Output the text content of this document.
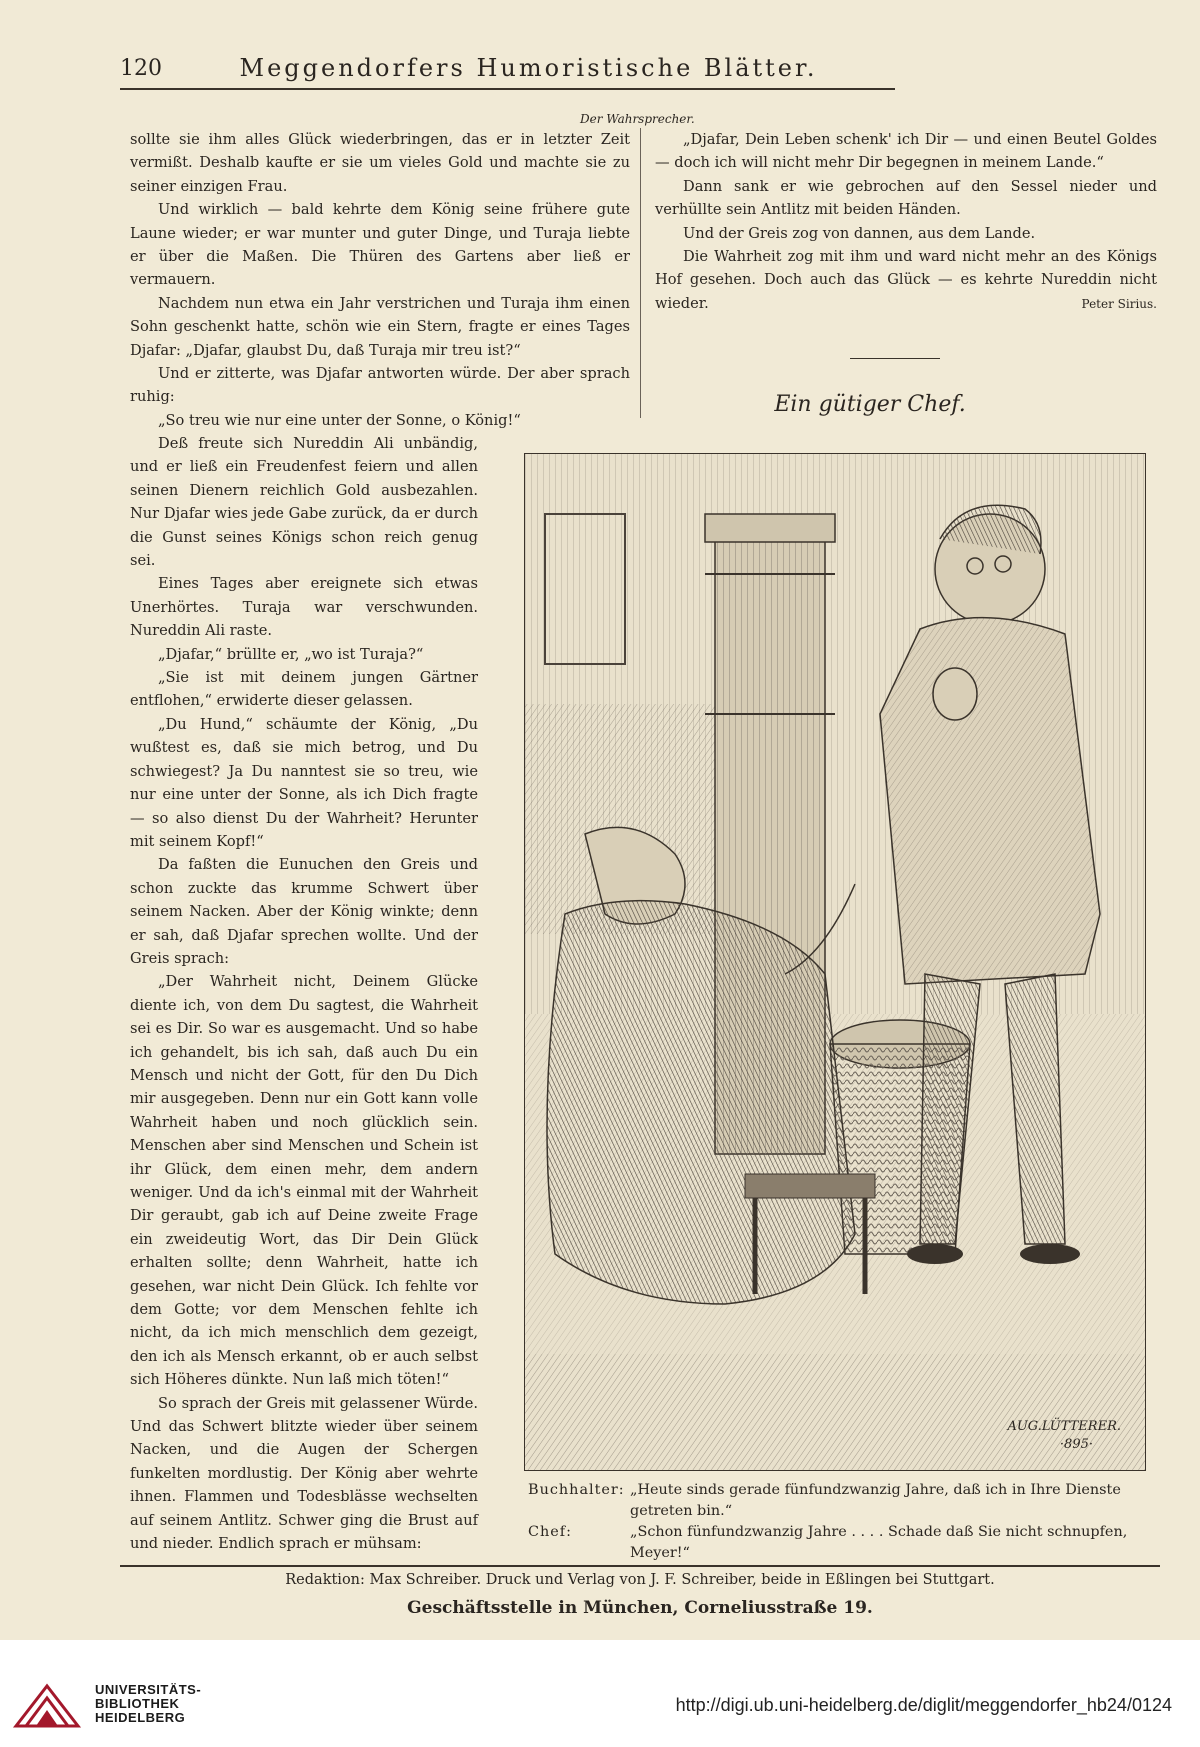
120	Meggendorfers Humoristische Blätter.
Der Wahrsprecher.

sollte sie ihm alles Glück wiederbringen, das er in letzter Zeit vermißt. Deshalb kaufte er sie um vieles Gold und machte sie zu seiner einzigen Frau.

Und wirklich — bald kehrte dem König seine frühere gute Laune wieder; er war munter und guter Dinge, und Turaja liebte er über die Maßen. Die Thüren des Gartens aber ließ er vermauern.

Nachdem nun etwa ein Jahr verstrichen und Turaja ihm einen Sohn geschenkt hatte, schön wie ein Stern, fragte er eines Tages Djafar: „Djafar, glaubst Du, daß Turaja mir treu ist?“

Und er zitterte, was Djafar antworten würde. Der aber sprach ruhig:

„So treu wie nur eine unter der Sonne, o König!“

Deß freute sich Nureddin Ali unbändig, und er ließ ein Freudenfest feiern und allen seinen Dienern reichlich Gold ausbezahlen. Nur Djafar wies jede Gabe zurück, da er durch die Gunst seines Königs schon reich genug sei.

Eines Tages aber ereignete sich etwas Unerhörtes. Turaja war verschwunden. Nureddin Ali raste.

„Djafar,“ brüllte er, „wo ist Turaja?“

„Sie ist mit deinem jungen Gärtner entflohen,“ erwiderte dieser gelassen.

„Du Hund,“ schäumte der König, „Du wußtest es, daß sie mich betrog, und Du schwiegest? Ja Du nanntest sie so treu, wie nur eine unter der Sonne, als ich Dich fragte — so also dienst Du der Wahrheit? Herunter mit seinem Kopf!“

Da faßten die Eunuchen den Greis und schon zuckte das krumme Schwert über seinem Nacken. Aber der König winkte; denn er sah, daß Djafar sprechen wollte. Und der Greis sprach:

„Der Wahrheit nicht, Deinem Glücke diente ich, von dem Du sagtest, die Wahrheit sei es Dir. So war es ausgemacht. Und so habe ich gehandelt, bis ich sah, daß auch Du ein Mensch und nicht der Gott, für den Du Dich mir ausgegeben. Denn nur ein Gott kann volle Wahrheit haben und noch glücklich sein. Menschen aber sind Menschen und Schein ist ihr Glück, dem einen mehr, dem andern weniger. Und da ich's einmal mit der Wahrheit Dir geraubt, gab ich auf Deine zweite Frage ein zweideutig Wort, das Dir Dein Glück erhalten sollte; denn Wahrheit, hatte ich gesehen, war nicht Dein Glück. Ich fehlte vor dem Gotte; vor dem Menschen fehlte ich nicht, da ich mich menschlich dem gezeigt, den ich als Mensch erkannt, ob er auch selbst sich Höheres dünkte. Nun laß mich töten!“

So sprach der Greis mit gelassener Würde. Und das Schwert blitzte wieder über seinem Nacken, und die Augen der Schergen funkelten mordlustig. Der König aber wehrte ihnen. Flammen und Todesblässe wechselten auf seinem Antlitz. Schwer ging die Brust auf und nieder. Endlich sprach er mühsam:

„Djafar, Dein Leben schenk' ich Dir — und einen Beutel Goldes — doch ich will nicht mehr Dir begegnen in meinem Lande.“

Dann sank er wie gebrochen auf den Sessel nieder und verhüllte sein Antlitz mit beiden Händen.

Und der Greis zog von dannen, aus dem Lande.

Die Wahrheit zog mit ihm und ward nicht mehr an des Königs Hof gesehen. Doch auch das Glück — es kehrte Nureddin nicht wieder.	Peter Sirius.
Ein gütiger Chef.
AUG.LÜTTERER.
·895·
Buchhalter: „Heute sinds gerade fünfundzwanzig Jahre, daß ich in Ihre Dienste getreten bin.“
Chef:	„Schon fünfundzwanzig Jahre . . . . Schade daß Sie nicht schnupfen, Meyer!“
Redaktion: Max Schreiber. Druck und Verlag von J. F. Schreiber, beide in Eßlingen bei Stuttgart.
Geschäftsstelle in München, Corneliusstraße 19.
UNIVERSITÄTS-
BIBLIOTHEK
HEIDELBERG
http://digi.ub.uni-heidelberg.de/diglit/meggendorfer_hb24/0124
